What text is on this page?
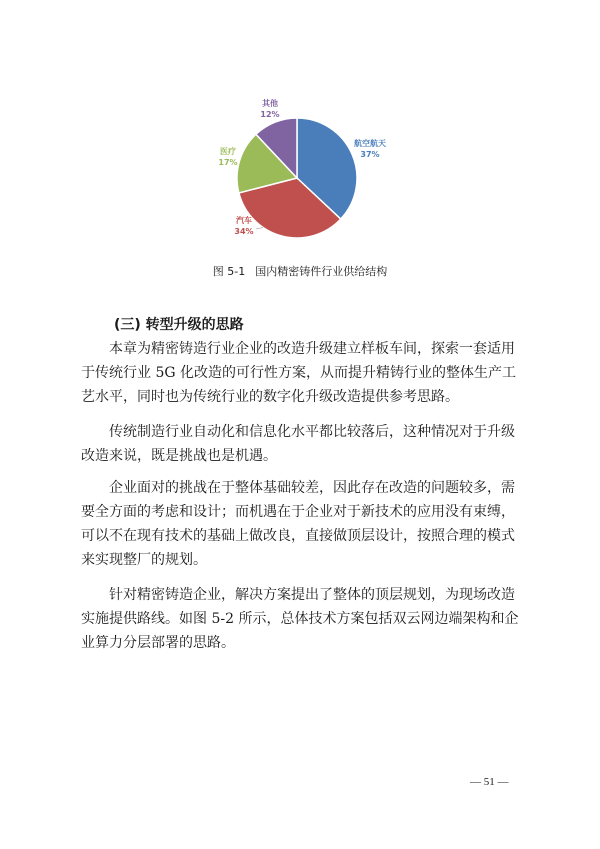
航空航天
37%
汽车
34%
医疗
17%
其他
12%
图 5-1 国内精密铸件行业供给结构
(三) 转型升级的思路

本章为精密铸造行业企业的改造升级建立样板车间，探索一套适用
于传统行业 5G 化改造的可行性方案，从而提升精铸行业的整体生产工
艺水平，同时也为传统行业的数字化升级改造提供参考思路。

传统制造行业自动化和信息化水平都比较落后，这种情况对于升级
改造来说，既是挑战也是机遇。

企业面对的挑战在于整体基础较差，因此存在改造的问题较多，需
要全方面的考虑和设计；而机遇在于企业对于新技术的应用没有束缚，
可以不在现有技术的基础上做改良，直接做顶层设计，按照合理的模式
来实现整厂的规划。

针对精密铸造企业，解决方案提出了整体的顶层规划，为现场改造
实施提供路线。如图 5-2 所示，总体技术方案包括双云网边端架构和企
业算力分层部署的思路。

— 51 —
